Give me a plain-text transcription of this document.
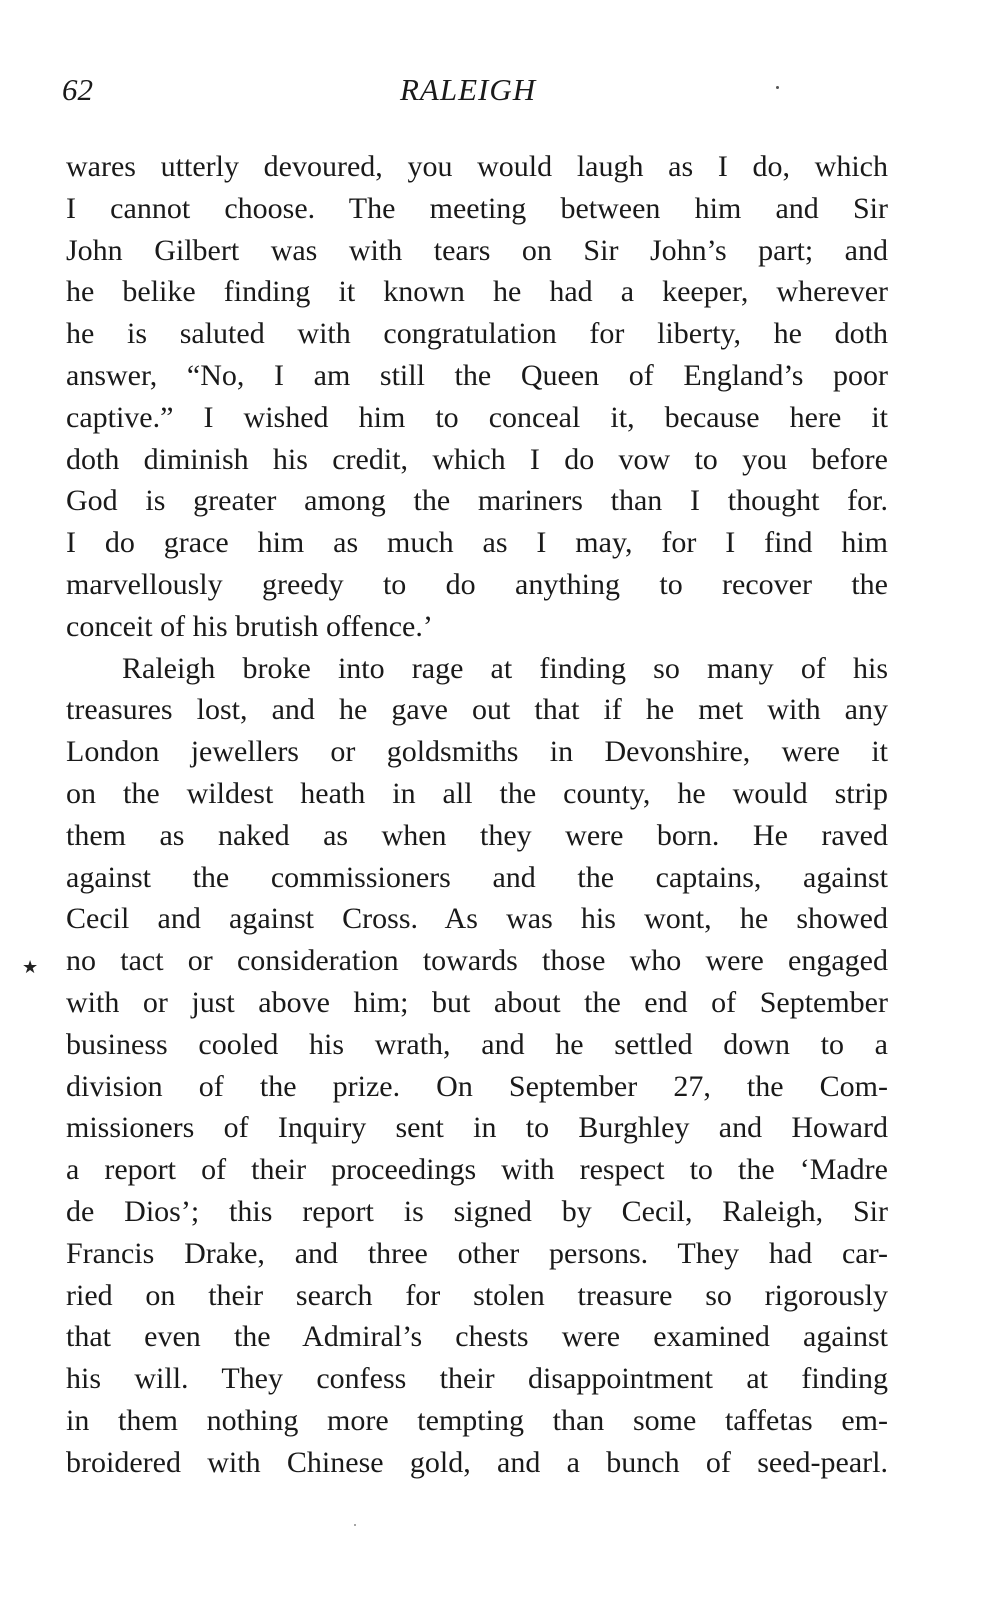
62	RALEIGH
★
wares utterly devoured, you would laugh as I do, which
I cannot choose. The meeting between him and Sir
John Gilbert was with tears on Sir John’s part; and
he belike finding it known he had a keeper, wherever
he is saluted with congratulation for liberty, he doth
answer, “No, I am still the Queen of England’s poor
captive.” I wished him to conceal it, because here it
doth diminish his credit, which I do vow to you before
God is greater among the mariners than I thought for.
I do grace him as much as I may, for I find him
marvellously greedy to do anything to recover the
conceit of his brutish offence.’
Raleigh broke into rage at finding so many of his
treasures lost, and he gave out that if he met with any
London jewellers or goldsmiths in Devonshire, were it
on the wildest heath in all the county, he would strip
them as naked as when they were born. He raved
against the commissioners and the captains, against
Cecil and against Cross. As was his wont, he showed
no tact or consideration towards those who were engaged
with or just above him; but about the end of September
business cooled his wrath, and he settled down to a
division of the prize. On September 27, the Com-
missioners of Inquiry sent in to Burghley and Howard
a report of their proceedings with respect to the ‘Madre
de Dios’; this report is signed by Cecil, Raleigh, Sir
Francis Drake, and three other persons. They had car-
ried on their search for stolen treasure so rigorously
that even the Admiral’s chests were examined against
his will. They confess their disappointment at finding
in them nothing more tempting than some taffetas em-
broidered with Chinese gold, and a bunch of seed-pearl.
